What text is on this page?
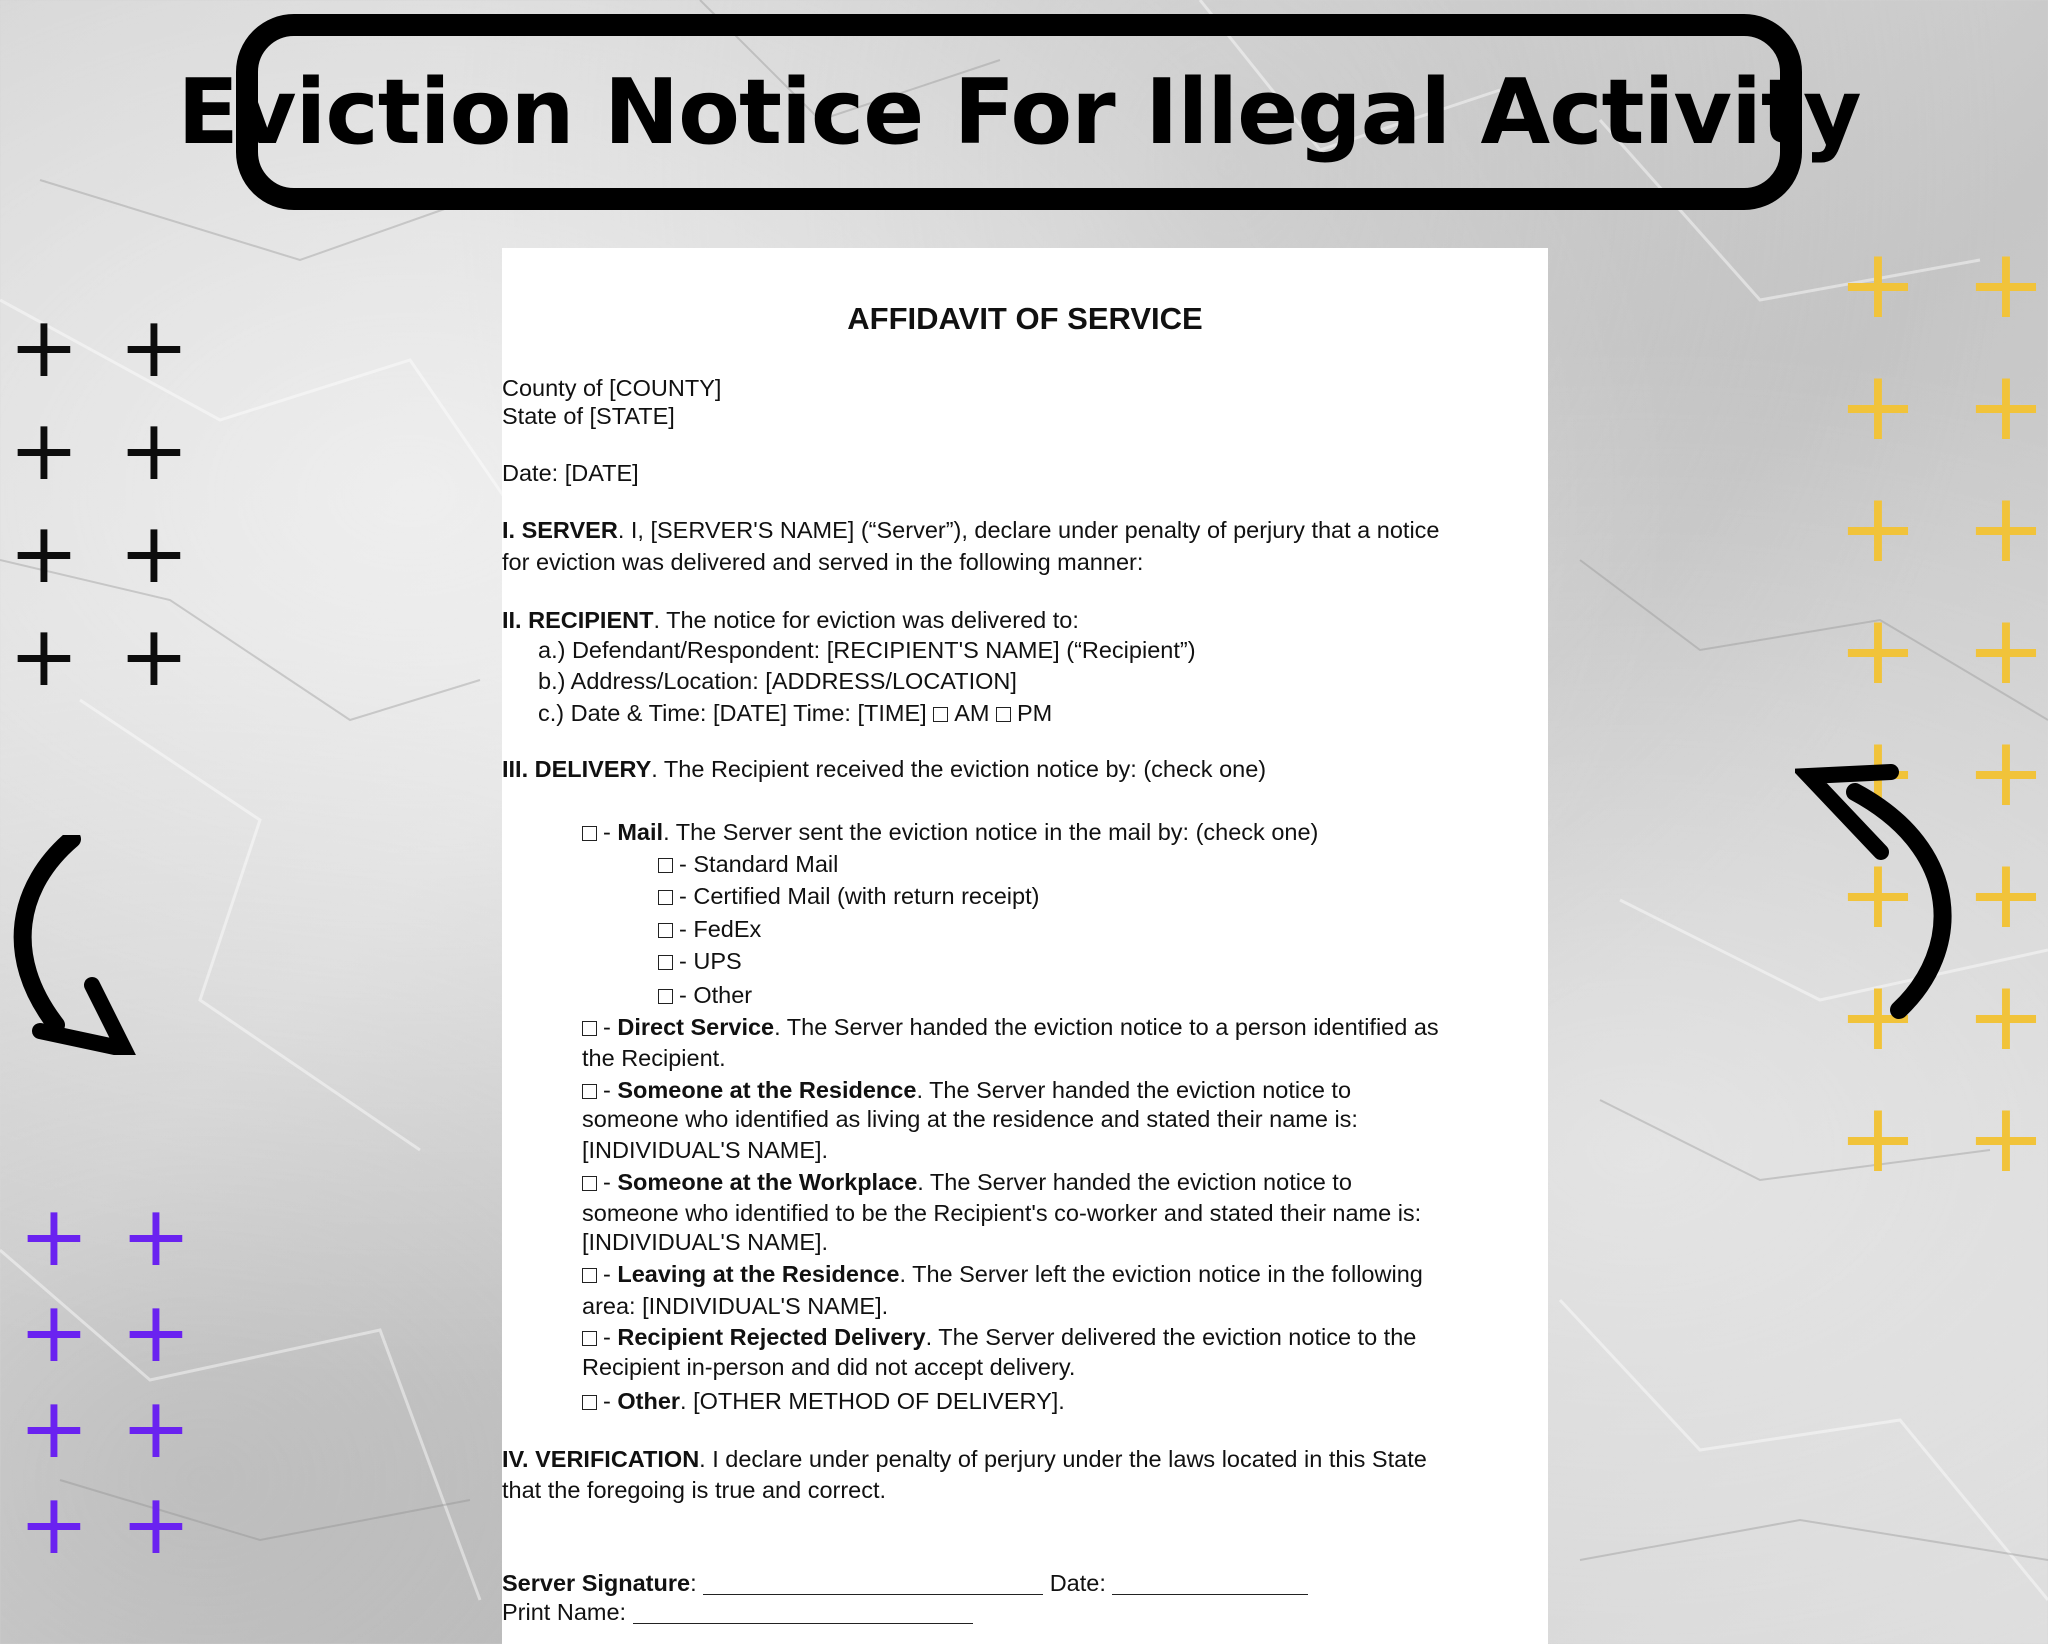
Eviction Notice For Illegal Activity
+ +
+ +
+ +
+ +
+ +
+ +
+ +
+ +
+ +
+ +
+ +
+ +
+ +
+ +
+ +
+ +
AFFIDAVIT OF SERVICE

County of [COUNTY]

State of [STATE]

Date: [DATE]

I. SERVER. I, [SERVER'S NAME] (“Server”), declare under penalty of perjury that a notice

for eviction was delivered and served in the following manner:

II. RECIPIENT. The notice for eviction was delivered to:

a.) Defendant/Respondent: [RECIPIENT'S NAME] (“Recipient”)

b.) Address/Location: [ADDRESS/LOCATION]

c.) Date & Time: [DATE] Time: [TIME] AM PM

III. DELIVERY. The Recipient received the eviction notice by: (check one)

- Mail. The Server sent the eviction notice in the mail by: (check one)

- Standard Mail

- Certified Mail (with return receipt)

- FedEx

- UPS

- Other

- Direct Service. The Server handed the eviction notice to a person identified as

the Recipient.

- Someone at the Residence. The Server handed the eviction notice to

someone who identified as living at the residence and stated their name is:

[INDIVIDUAL'S NAME].

- Someone at the Workplace. The Server handed the eviction notice to

someone who identified to be the Recipient's co-worker and stated their name is:

[INDIVIDUAL'S NAME].

- Leaving at the Residence. The Server left the eviction notice in the following

area: [INDIVIDUAL'S NAME].

- Recipient Rejected Delivery. The Server delivered the eviction notice to the

Recipient in-person and did not accept delivery.

- Other. [OTHER METHOD OF DELIVERY].

IV. VERIFICATION. I declare under penalty of perjury under the laws located in this State

that the foregoing is true and correct.

Server Signature:	Date:

Print Name:
